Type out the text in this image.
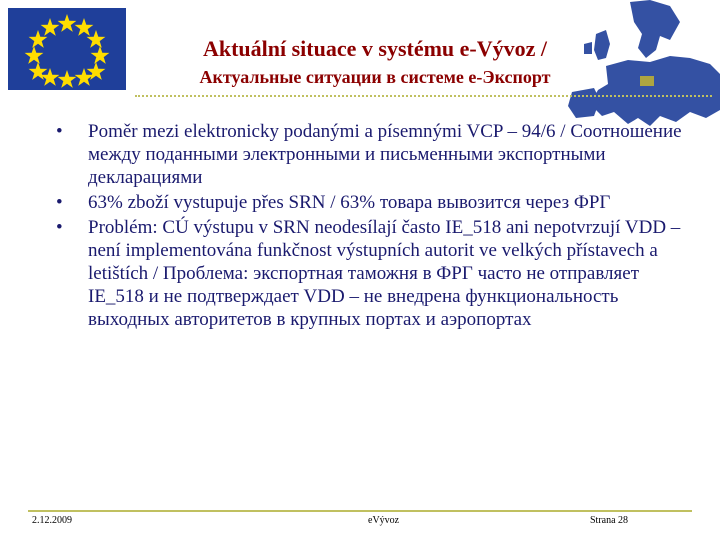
Aktuální situace v systému e-Vývoz /
Актуальные ситуации в системе e-Экспорт
• Poměr mezi elektronicky podanými a písemnými VCP – 94/6 / Соотношение между поданными электронными и письменными экспортными декларациями
• 63% zboží vystupuje přes SRN / 63% товара вывозится через ФРГ
• Problém: CÚ výstupu v SRN neodesílají často IE_518 ani nepotvrzují VDD – není implementována funkčnost výstupních autorit ve velkých přístavech a letištích / Проблема: экспортная таможня в ФРГ часто не отправляет IE_518 и не подтверждает VDD – не внедрена функциональность выходных авторитетов в крупных портах и аэропортах
2.12.2009	eVývoz	Strana 28
